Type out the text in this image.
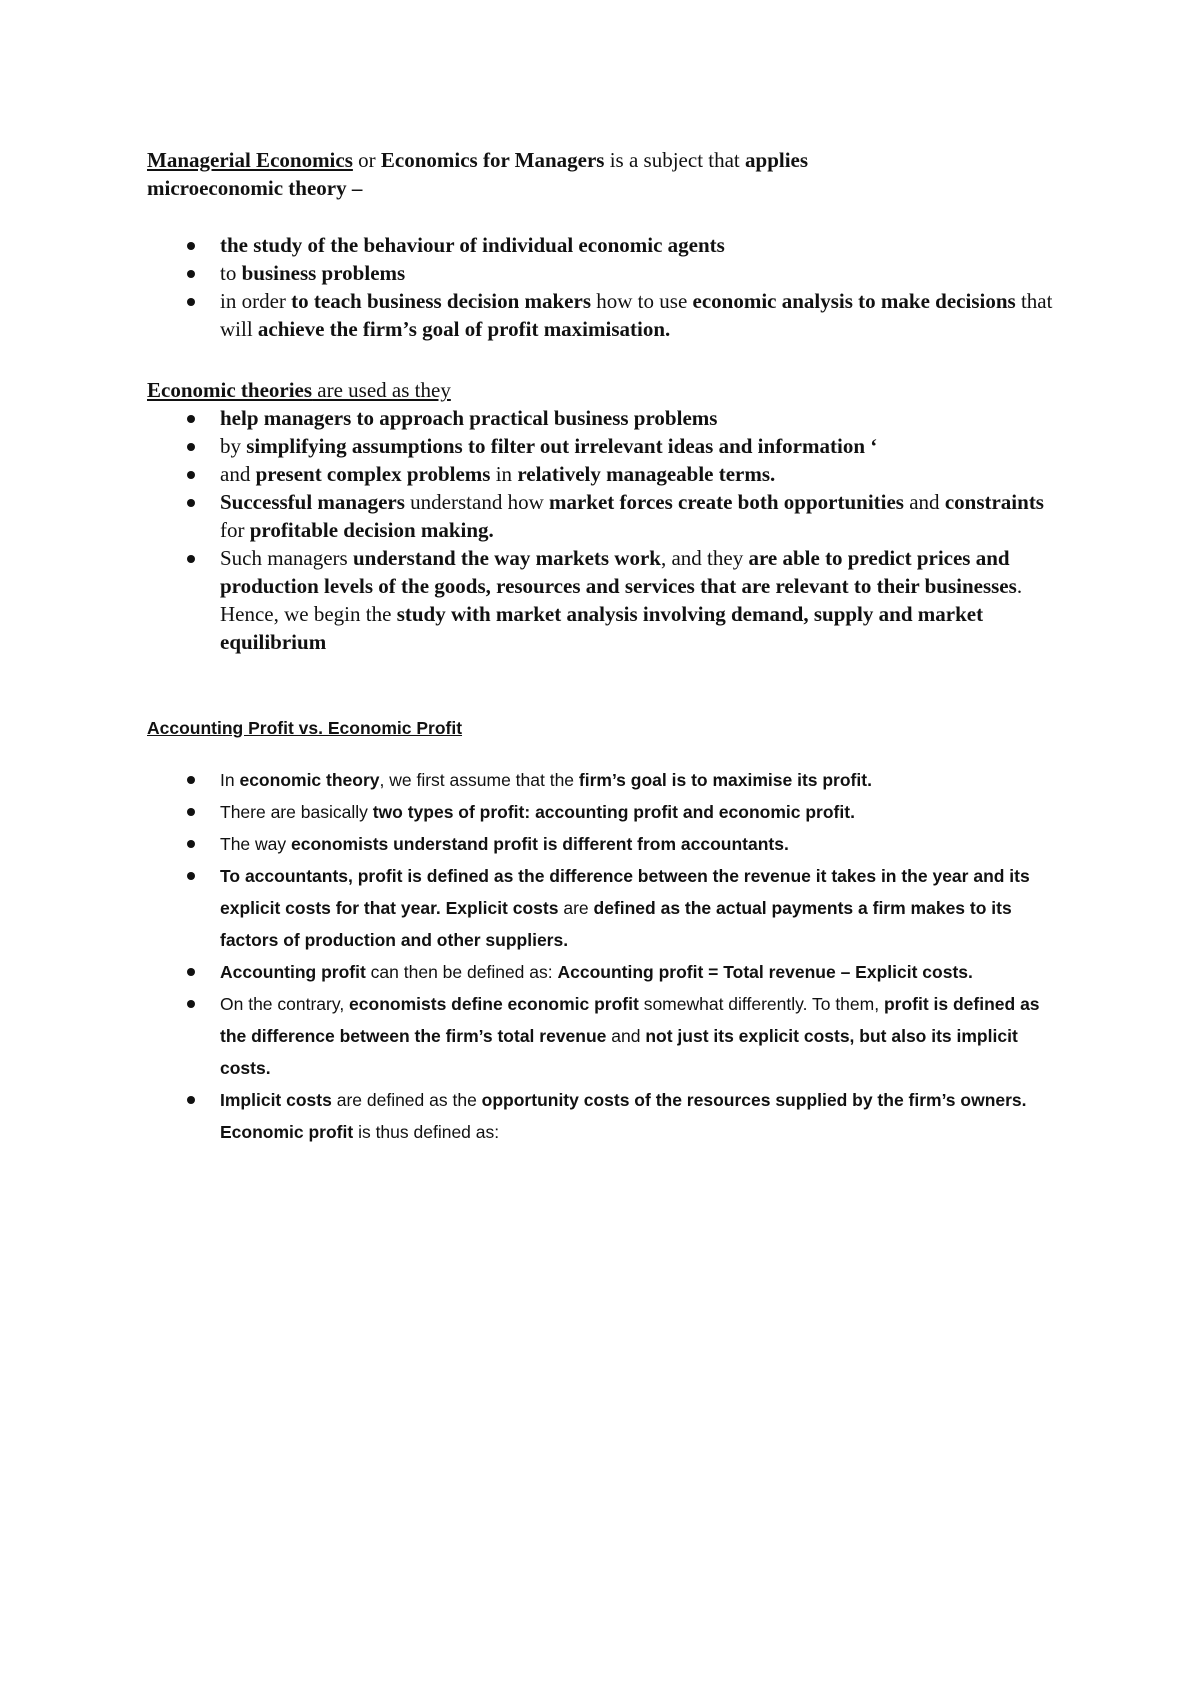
Managerial Economics or Economics for Managers is a subject that applies
microeconomic theory –

the study of the behaviour of individual economic agents
to business problems
in order to teach business decision makers how to use economic analysis to make decisions that will achieve the firm’s goal of profit maximisation.

Economic theories are used as they

help managers to approach practical business problems
by simplifying assumptions to filter out irrelevant ideas and information ‘
and present complex problems in relatively manageable terms.
Successful managers understand how market forces create both opportunities and constraints for profitable decision making.
Such managers understand the way markets work, and they are able to predict prices and production levels of the goods, resources and services that are relevant to their businesses. Hence, we begin the study with market analysis involving demand, supply and market equilibrium

Accounting Profit vs. Economic Profit

In economic theory, we first assume that the firm’s goal is to maximise its profit.
There are basically two types of profit: accounting profit and economic profit.
The way economists understand profit is different from accountants.
To accountants, profit is defined as the difference between the revenue it takes in the year and its explicit costs for that year. Explicit costs are defined as the actual payments a firm makes to its factors of production and other suppliers.
Accounting profit can then be defined as: Accounting profit = Total revenue – Explicit costs.
On the contrary, economists define economic profit somewhat differently. To them, profit is defined as the difference between the firm’s total revenue and not just its explicit costs, but also its implicit costs.
Implicit costs are defined as the opportunity costs of the resources supplied by the firm’s owners. Economic profit is thus defined as:
